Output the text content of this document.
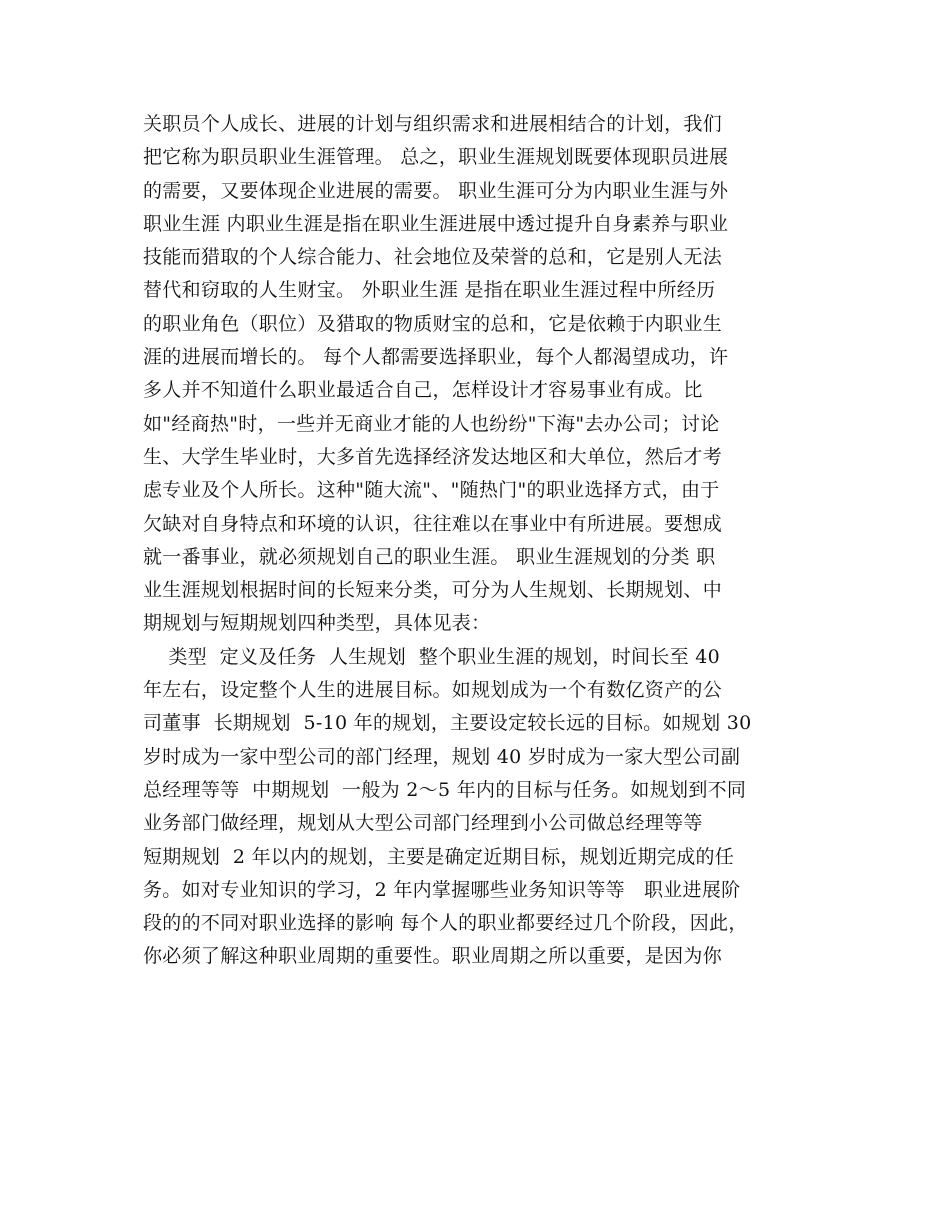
关职员个人成长、进展的计划与组织需求和进展相结合的计划，我们
把它称为职员职业生涯管理。 总之，职业生涯规划既要体现职员进展
的需要，又要体现企业进展的需要。 职业生涯可分为内职业生涯与外
职业生涯 内职业生涯是指在职业生涯进展中透过提升自身素养与职业
技能而猎取的个人综合能力、社会地位及荣誉的总和，它是别人无法
替代和窃取的人生财宝。 外职业生涯 是指在职业生涯过程中所经历
的职业角色（职位）及猎取的物质财宝的总和，它是依赖于内职业生
涯的进展而增长的。 每个人都需要选择职业，每个人都渴望成功，许
多人并不知道什么职业最适合自己，怎样设计才容易事业有成。比
如"经商热"时，一些并无商业才能的人也纷纷"下海"去办公司；讨论
生、大学生毕业时，大多首先选择经济发达地区和大单位，然后才考
虑专业及个人所长。这种"随大流"、"随热门"的职业选择方式，由于
欠缺对自身特点和环境的认识，往往难以在事业中有所进展。要想成
就一番事业，就必须规划自己的职业生涯。 职业生涯规划的分类 职
业生涯规划根据时间的长短来分类，可分为人生规划、长期规划、中
期规划与短期规划四种类型，具体见表：
类型  定义及任务  人生规划  整个职业生涯的规划，时间长至 40
年左右，设定整个人生的进展目标。如规划成为一个有数亿资产的公
司董事  长期规划  5-10 年的规划，主要设定较长远的目标。如规划 30
岁时成为一家中型公司的部门经理，规划 40 岁时成为一家大型公司副
总经理等等  中期规划  一般为 2～5 年内的目标与任务。如规划到不同
业务部门做经理，规划从大型公司部门经理到小公司做总经理等等
短期规划  2 年以内的规划，主要是确定近期目标，规划近期完成的任
务。如对专业知识的学习，2 年内掌握哪些业务知识等等   职业进展阶
段的的不同对职业选择的影响 每个人的职业都要经过几个阶段，因此，
你必须了解这种职业周期的重要性。职业周期之所以重要，是因为你
